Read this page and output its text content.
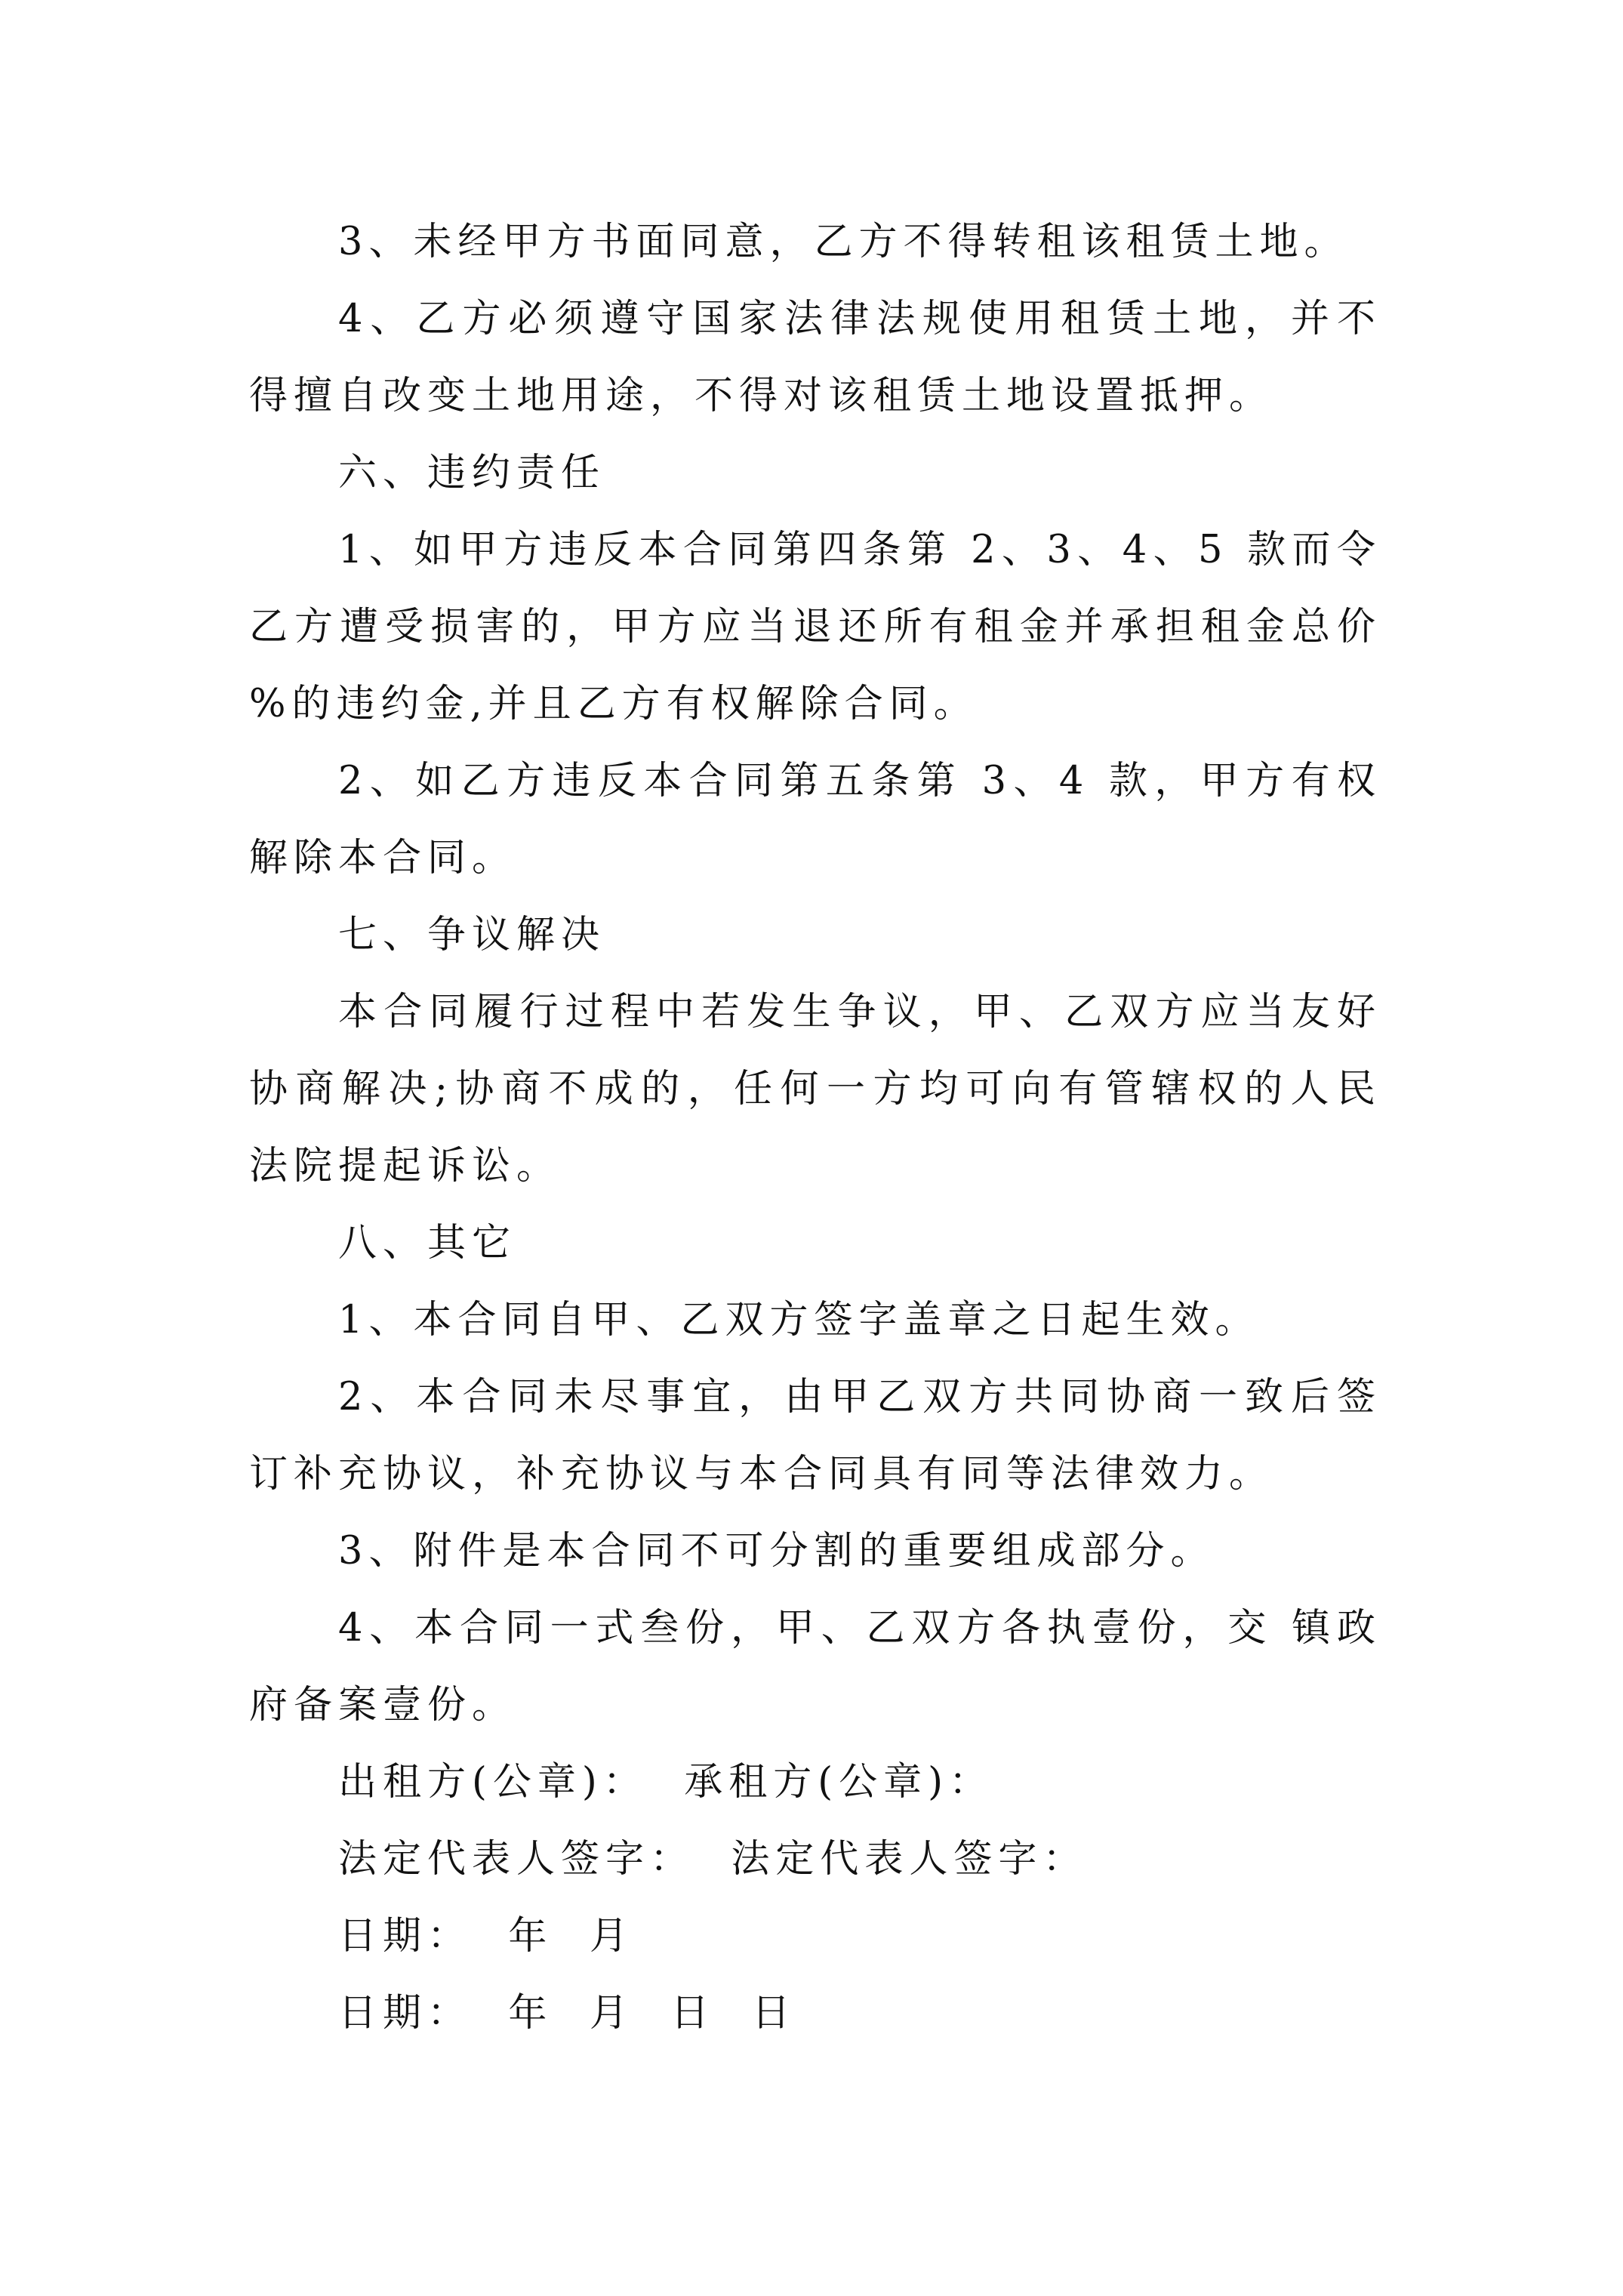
3、未经甲方书面同意，乙方不得转租该租赁土地。

4、乙方必须遵守国家法律法规使用租赁土地，并不得擅自改变土地用途，不得对该租赁土地设置抵押。

六、违约责任

1、如甲方违反本合同第四条第 2、3、4、5 款而令乙方遭受损害的，甲方应当退还所有租金并承担租金总价 %的违约金,并且乙方有权解除合同。

2、如乙方违反本合同第五条第 3、4 款，甲方有权解除本合同。

七、争议解决

本合同履行过程中若发生争议，甲、乙双方应当友好协商解决;协商不成的，任何一方均可向有管辖权的人民法院提起诉讼。

八、其它

1、本合同自甲、乙双方签字盖章之日起生效。

2、本合同未尽事宜，由甲乙双方共同协商一致后签订补充协议，补充协议与本合同具有同等法律效力。

3、附件是本合同不可分割的重要组成部分。

4、本合同一式叁份，甲、乙双方各执壹份，交 镇政府备案壹份。

出租方(公章)：  承租方(公章)：

法定代表人签字：  法定代表人签字：

日期：  年  月

日期：  年  月  日  日
